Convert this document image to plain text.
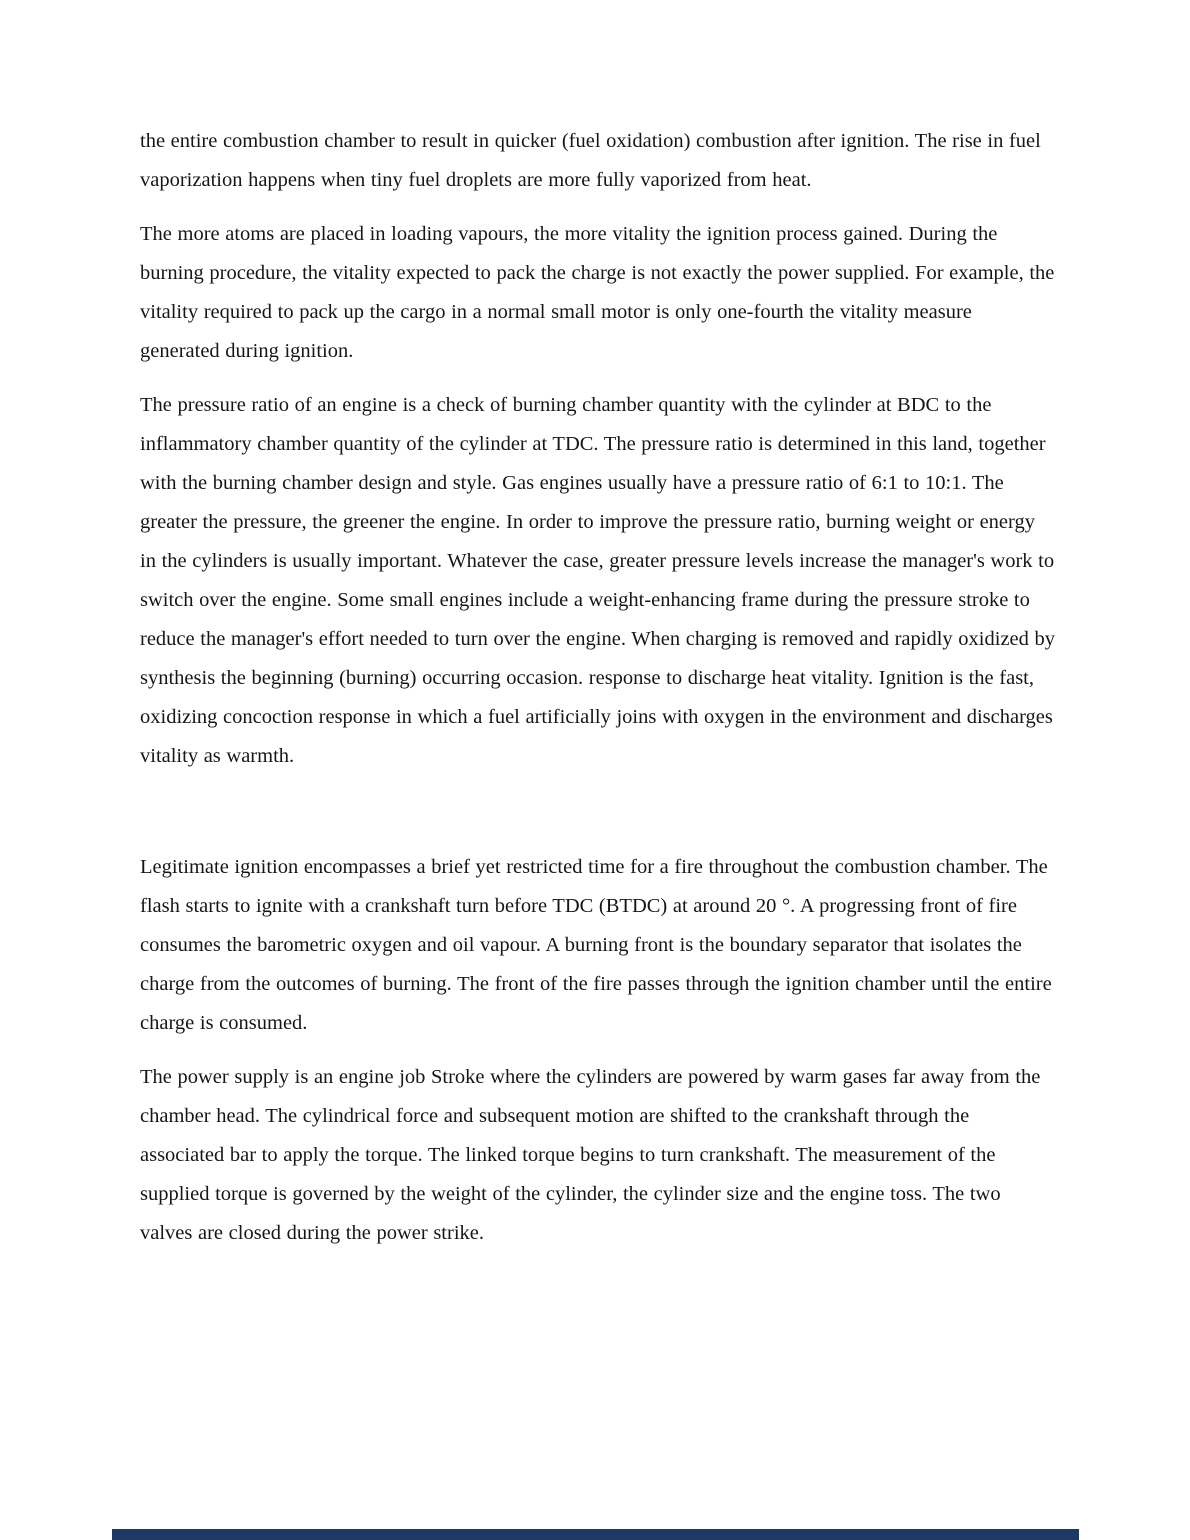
the entire combustion chamber to result in quicker (fuel oxidation) combustion after ignition. The rise in fuel vaporization happens when tiny fuel droplets are more fully vaporized from heat.

The more atoms are placed in loading vapours, the more vitality the ignition process gained. During the burning procedure, the vitality expected to pack the charge is not exactly the power supplied. For example, the vitality required to pack up the cargo in a normal small motor is only one-fourth the vitality measure generated during ignition.

The pressure ratio of an engine is a check of burning chamber quantity with the cylinder at BDC to the inflammatory chamber quantity of the cylinder at TDC. The pressure ratio is determined in this land, together with the burning chamber design and style. Gas engines usually have a pressure ratio of 6:1 to 10:1. The greater the pressure, the greener the engine. In order to improve the pressure ratio, burning weight or energy in the cylinders is usually important. Whatever the case, greater pressure levels increase the manager's work to switch over the engine. Some small engines include a weight-enhancing frame during the pressure stroke to reduce the manager's effort needed to turn over the engine. When charging is removed and rapidly oxidized by synthesis the beginning (burning) occurring occasion. response to discharge heat vitality. Ignition is the fast, oxidizing concoction response in which a fuel artificially joins with oxygen in the environment and discharges vitality as warmth.

Legitimate ignition encompasses a brief yet restricted time for a fire throughout the combustion chamber. The flash starts to ignite with a crankshaft turn before TDC (BTDC) at around 20 °. A progressing front of fire consumes the barometric oxygen and oil vapour. A burning front is the boundary separator that isolates the charge from the outcomes of burning. The front of the fire passes through the ignition chamber until the entire charge is consumed.

The power supply is an engine job Stroke where the cylinders are powered by warm gases far away from the chamber head. The cylindrical force and subsequent motion are shifted to the crankshaft through the associated bar to apply the torque. The linked torque begins to turn crankshaft. The measurement of the supplied torque is governed by the weight of the cylinder, the cylinder size and the engine toss. The two valves are closed during the power strike.
